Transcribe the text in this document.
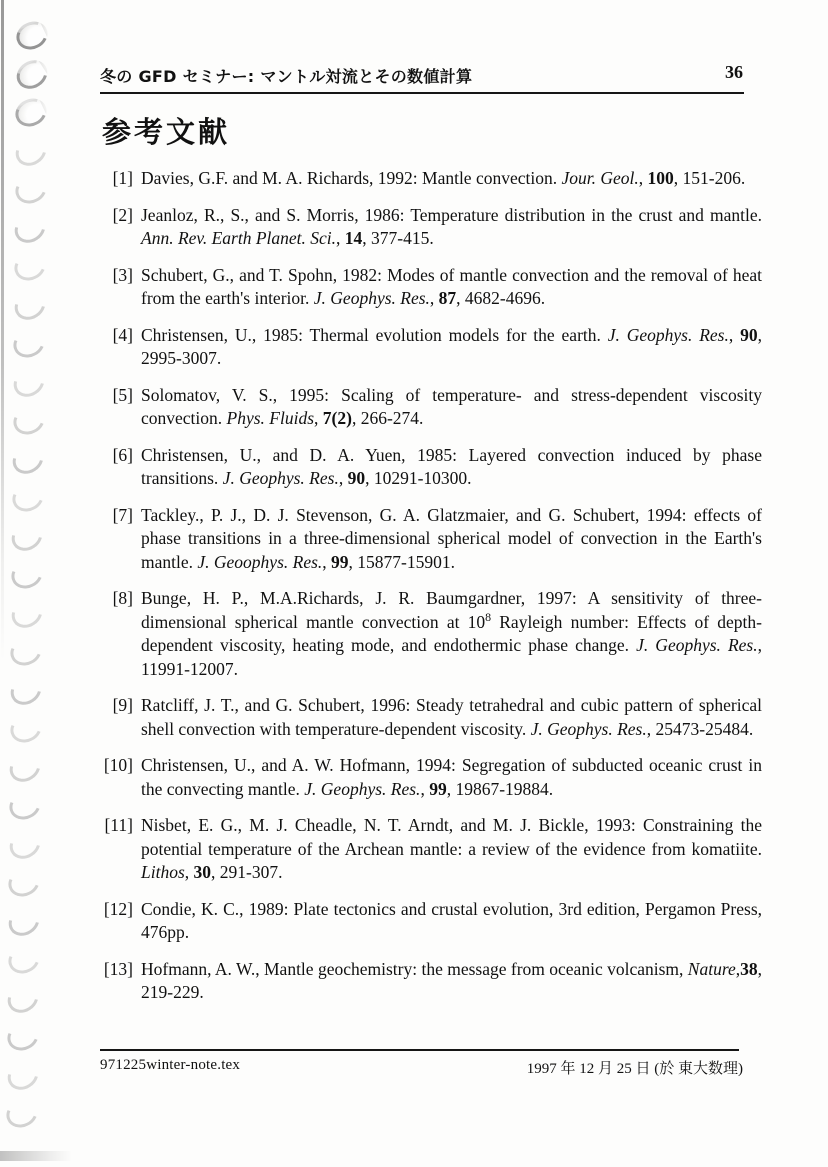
冬の GFD セミナー: マントル対流とその数値計算	36
参考文献
[1] Davies, G.F. and M. A. Richards, 1992: Mantle convection. Jour. Geol., 100, 151-206.
[2] Jeanloz, R., S., and S. Morris, 1986: Temperature distribution in the crust and mantle. Ann. Rev. Earth Planet. Sci., 14, 377-415.
[3] Schubert, G., and T. Spohn, 1982: Modes of mantle convection and the removal of heat from the earth's interior. J. Geophys. Res., 87, 4682-4696.
[4] Christensen, U., 1985: Thermal evolution models for the earth. J. Geophys. Res., 90, 2995-3007.
[5] Solomatov, V. S., 1995: Scaling of temperature- and stress-dependent viscosity convection. Phys. Fluids, 7(2), 266-274.
[6] Christensen, U., and D. A. Yuen, 1985: Layered convection induced by phase transitions. J. Geophys. Res., 90, 10291-10300.
[7] Tackley., P. J., D. J. Stevenson, G. A. Glatzmaier, and G. Schubert, 1994: effects of phase transitions in a three-dimensional spherical model of convection in the Earth's mantle. J. Geoophys. Res., 99, 15877-15901.
[8] Bunge, H. P., M.A.Richards, J. R. Baumgardner, 1997: A sensitivity of three-dimensional spherical mantle convection at $10^8$ Rayleigh number: Effects of depth-dependent viscosity, heating mode, and endothermic phase change. J. Geophys. Res., 11991-12007.
[9] Ratcliff, J. T., and G. Schubert, 1996: Steady tetrahedral and cubic pattern of spherical shell convection with temperature-dependent viscosity. J. Geophys. Res., 25473-25484.
[10] Christensen, U., and A. W. Hofmann, 1994: Segregation of subducted oceanic crust in the convecting mantle. J. Geophys. Res., 99, 19867-19884.
[11] Nisbet, E. G., M. J. Cheadle, N. T. Arndt, and M. J. Bickle, 1993: Constraining the potential temperature of the Archean mantle: a review of the evidence from komatiite. Lithos, 30, 291-307.
[12] Condie, K. C., 1989: Plate tectonics and crustal evolution, 3rd edition, Pergamon Press, 476pp.
[13] Hofmann, A. W., Mantle geochemistry: the message from oceanic volcanism, Nature,38, 219-229.
971225winter-note.tex	1997 年 12 月 25 日 (於 東大数理)
